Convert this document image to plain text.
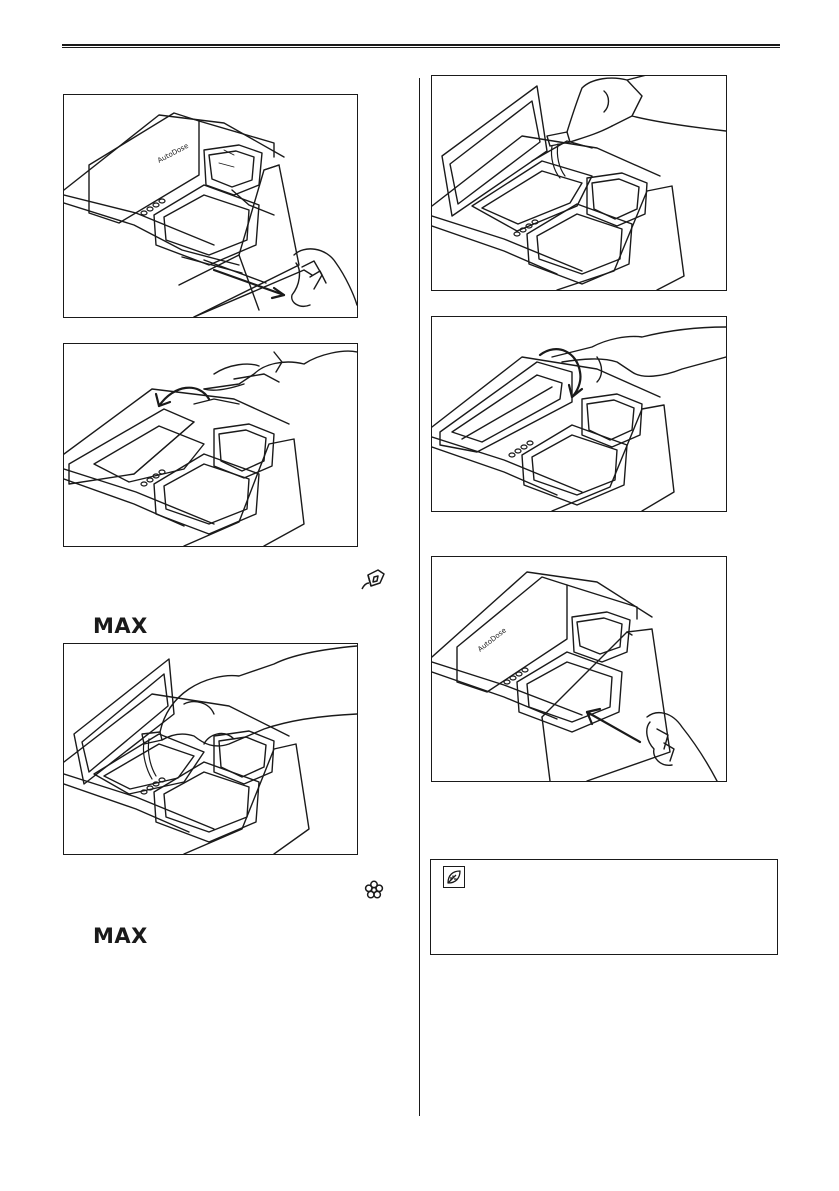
AutoDose
AutoDose
MAX
MAX
